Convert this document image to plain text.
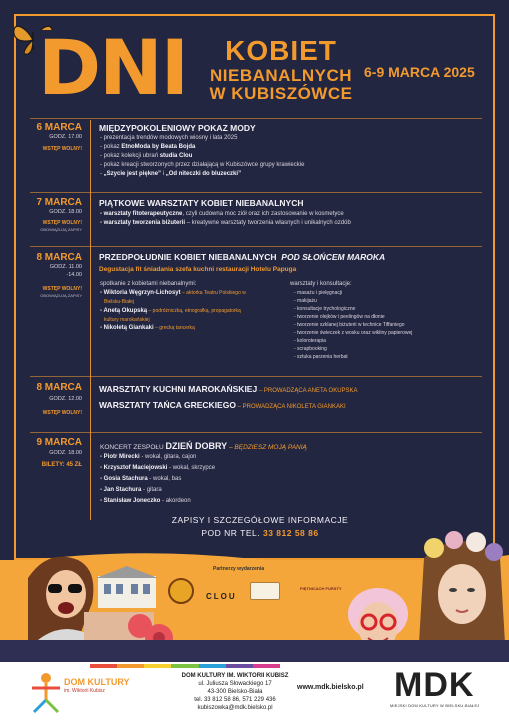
DNI	KOBIET
NIEBANALNYCH
W KUBISZÓWCE
6-9 MARCA 2025
6 MARCA
GODZ. 17.00
WSTĘP WOLNY!
MIĘDZYPOKOLENIOWY POKAZ MODY
- prezentacja trendów modowych wiosny i lata 2025
- pokaz EtnoModa by Beata Bojda
- pokaz kolekcji ubrań studia Clou
- pokaz kreacji stworzonych przez działającą w Kubiszówce grupy krawieckie
- „Szycie jest piękne” i „Od niteczki do bluzeczki”
7 MARCA
GODZ. 18.00
WSTĘP WOLNY!
OBOWIĄZUJĄ ZAPISY
PIĄTKOWE WARSZTATY KOBIET NIEBANALNYCH
- warsztaty fitoterapeutyczne, czyli cudowna moc ziół oraz ich zastosowanie w kosmetyce
- warsztaty tworzenia biżuterii – kreatywne warsztaty tworzenia własnych i unikalnych ozdób
8 MARCA
GODZ. 11.00
-14.00
WSTĘP WOLNY!
OBOWIĄZUJĄ ZAPISY
PRZEDPOŁUDNIE KOBIET NIEBANALNYCH POD SŁOŃCEM MAROKA
Degustacja fit śniadania szefa kuchni restauracji Hotelu Papuga
spotkanie z kobietami niebanalnymi:
- Wiktoria Węgrzyn-Lichosyt – aktorka Teatru Polskiego w
Bielsku-Białej
- Anetą Okupską – podróżniczką, etnografką, propagatorką
kultury marokańskiej
- Nikoletą Giankaki – grecką tancerką
warsztaty i konsultacje:
- masażu i pielęgnacji
- makijażu
- konsultacje trychologiczne
- tworzenie olejków i peelingów na dłonie
- tworzenie szklanej biżuterii w technice Tiffaniego
- tworzenie świeczek z wosku oraz wikliny papierowej
- koloroterapia
- scrapbooking
- sztuka parzenia herbat
8 MARCA
GODZ. 12.00
WSTĘP WOLNY!
WARSZTATY KUCHNI MAROKAŃSKIEJ – PROWADZĄCA ANETA OKUPSKA
WARSZTATY TAŃCA GRECKIEGO – PROWADZĄCA NIKOLETA GIANKAKI
9 MARCA
GODZ. 18.00
BILETY: 45 ZŁ
KONCERT ZESPOŁU DZIEŃ DOBRY – BĘDZIESZ MOJĄ PANIĄ
- Piotr Mirecki - wokal, gitara, cajon
- Krzysztof Maciejowski - wokal, skrzypce
- Gosia Stachura - wokal, bas
- Jan Stachura - gitara
- Stanisław Joneczko - akordeon
ZAPISY I SZCZEGÓŁOWE INFORMACJE
POD NR TEL. 33 812 58 86
Partnerzy wydarzenia
CLOU
PIĘTNICACH FURSTY
DOM KULTURY
im. Wiktorii Kubisz
DOM KULTURY IM. WIKTORII KUBISZ
ul. Juliusza Słowackiego 17
43-300 Bielsko-Biała
tel. 33 812 58 86, 571 229 436
kubiszowka@mdk.bielsko.pl
www.mdk.bielsko.pl MDK
MIEJSKI DOM KULTURY W BIELSKU-BIAŁEJ
